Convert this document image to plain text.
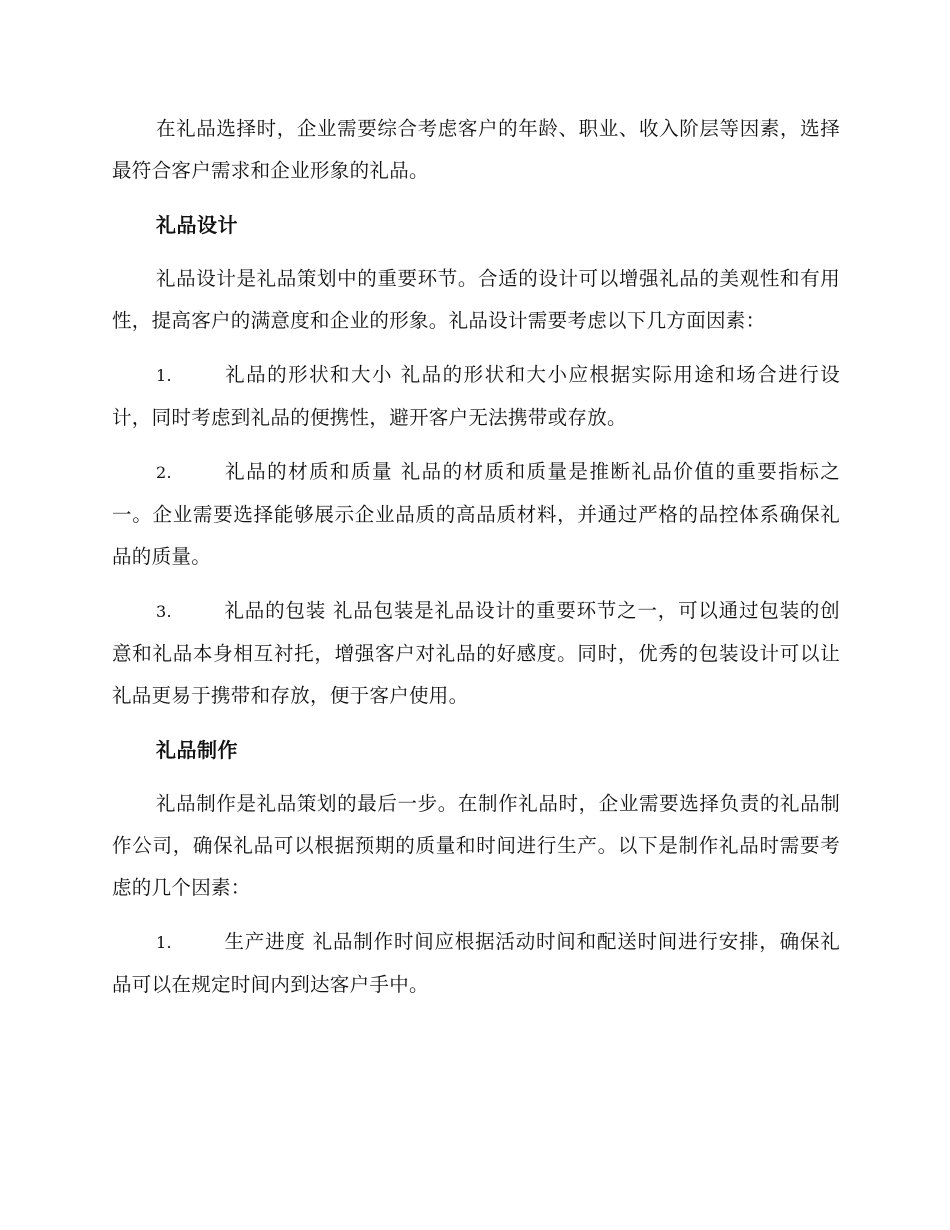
在礼品选择时，企业需要综合考虑客户的年龄、职业、收入阶层等因素，选择最符合客户需求和企业形象的礼品。

礼品设计

礼品设计是礼品策划中的重要环节。合适的设计可以增强礼品的美观性和有用性，提高客户的满意度和企业的形象。礼品设计需要考虑以下几方面因素：

1.	礼品的形状和大小 礼品的形状和大小应根据实际用途和场合进行设计，同时考虑到礼品的便携性，避开客户无法携带或存放。

2.	礼品的材质和质量 礼品的材质和质量是推断礼品价值的重要指标之一。企业需要选择能够展示企业品质的高品质材料，并通过严格的品控体系确保礼品的质量。

3.	礼品的包装 礼品包装是礼品设计的重要环节之一，可以通过包装的创意和礼品本身相互衬托，增强客户对礼品的好感度。同时，优秀的包装设计可以让礼品更易于携带和存放，便于客户使用。

礼品制作

礼品制作是礼品策划的最后一步。在制作礼品时，企业需要选择负责的礼品制作公司，确保礼品可以根据预期的质量和时间进行生产。以下是制作礼品时需要考虑的几个因素：

1.	生产进度 礼品制作时间应根据活动时间和配送时间进行安排，确保礼品可以在规定时间内到达客户手中。
